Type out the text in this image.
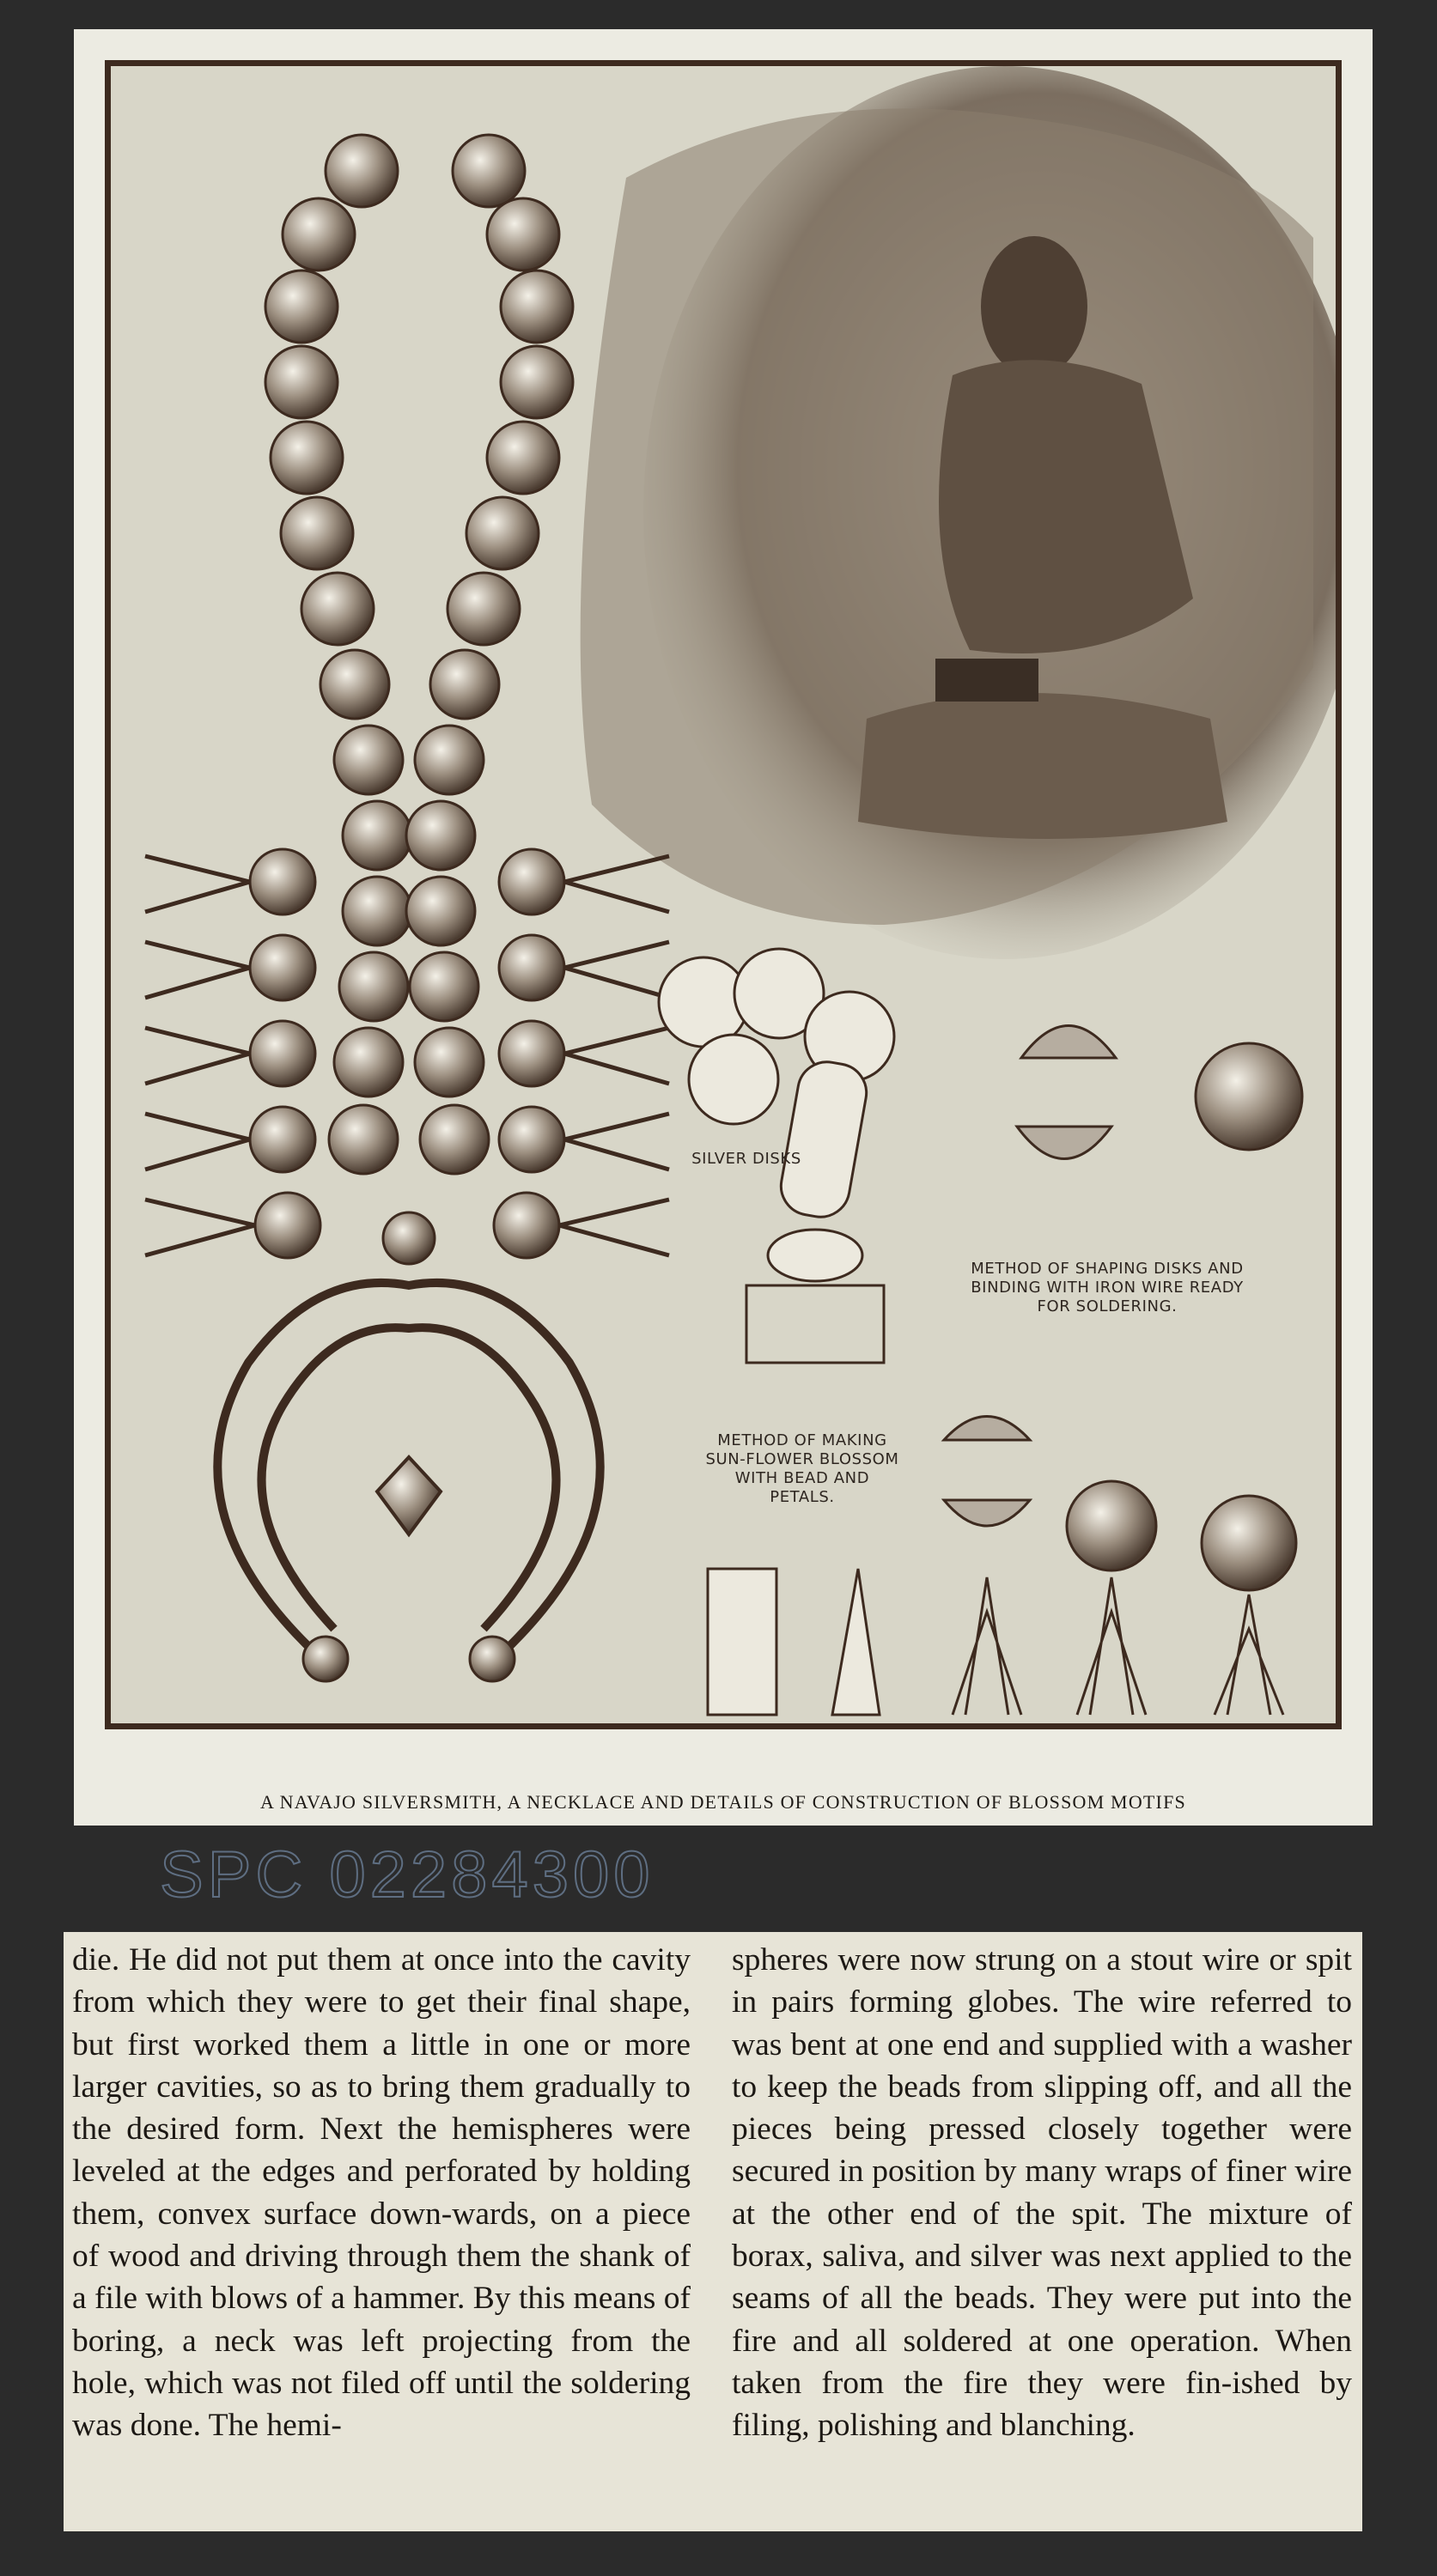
SILVER DISKS
METHOD OF SHAPING DISKS AND BINDING WITH IRON WIRE READY FOR SOLDERING.
METHOD OF MAKING SUN-FLOWER BLOSSOM WITH BEAD AND PETALS.
A NAVAJO SILVERSMITH, A NECKLACE AND DETAILS OF CONSTRUCTION OF BLOSSOM MOTIFS
SPC 02284300
die. He did not put them at once into the cavity from which they were to get their final shape, but first worked them a little in one or more larger cavities, so as to bring them gradually to the desired form. Next the hemispheres were leveled at the edges and perforated by holding them, convex surface down-wards, on a piece of wood and driving through them the shank of a file with blows of a hammer. By this means of boring, a neck was left projecting from the hole, which was not filed off until the soldering was done. The hemi-
spheres were now strung on a stout wire or spit in pairs forming globes. The wire referred to was bent at one end and supplied with a washer to keep the beads from slipping off, and all the pieces being pressed closely together were secured in position by many wraps of finer wire at the other end of the spit. The mixture of borax, saliva, and silver was next applied to the seams of all the beads. They were put into the fire and all soldered at one operation. When taken from the fire they were fin-ished by filing, polishing and blanching.
